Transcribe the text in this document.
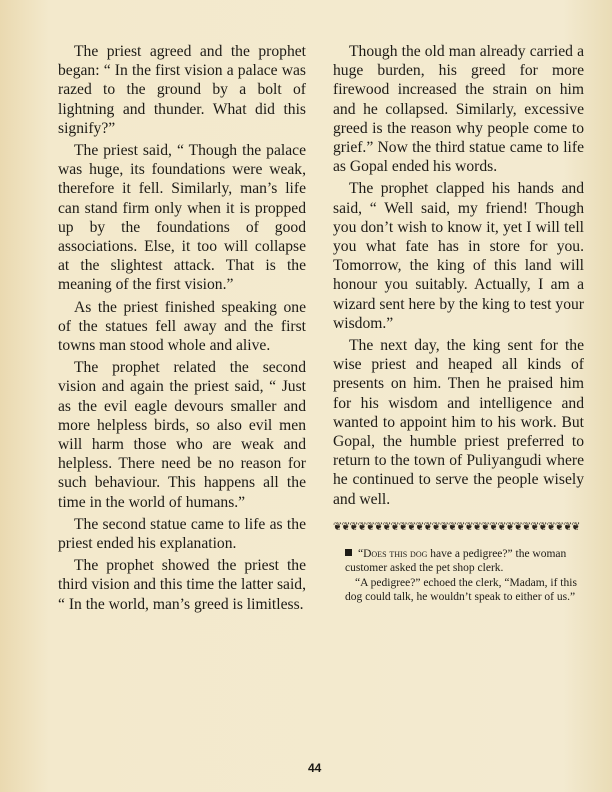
The priest agreed and the prophet began: “ In the first vision a palace was razed to the ground by a bolt of lightning and thunder. What did this signify?”

The priest said, “ Though the palace was huge, its foundations were weak, therefore it fell. Similarly, man’s life can stand firm only when it is propped up by the foundations of good associations. Else, it too will collapse at the slightest attack. That is the meaning of the first vision.”

As the priest finished speaking one of the statues fell away and the first towns man stood whole and alive.

The prophet related the second vision and again the priest said, “ Just as the evil eagle devours smaller and more helpless birds, so also evil men will harm those who are weak and helpless. There need be no reason for such behaviour. This happens all the time in the world of humans.”

The second statue came to life as the priest ended his explanation.

The prophet showed the priest the third vision and this time the latter said, “ In the world, man’s greed is limitless.

Though the old man already carried a huge burden, his greed for more firewood increased the strain on him and he collapsed. Similarly, excessive greed is the reason why people come to grief.” Now the third statue came to life as Gopal ended his words.

The prophet clapped his hands and said, “ Well said, my friend! Though you don’t wish to know it, yet I will tell you what fate has in store for you. Tomorrow, the king of this land will honour you suitably. Actually, I am a wizard sent here by the king to test your wisdom.”

The next day, the king sent for the wise priest and heaped all kinds of presents on him. Then he praised him for his wisdom and intelligence and wanted to appoint him to his work. But Gopal, the humble priest preferred to return to the town of Puliyangudi where he continued to serve the people wisely and well.

❦❦❦❦❦❦❦❦❦❦❦❦❦❦❦❦❦❦❦❦❦❦❦❦❦❦❦❦❦❦

“Does this dog have a pedigree?” the woman customer asked the pet shop clerk.

“A pedigree?” echoed the clerk, “Madam, if this dog could talk, he wouldn’t speak to either of us.”

44
